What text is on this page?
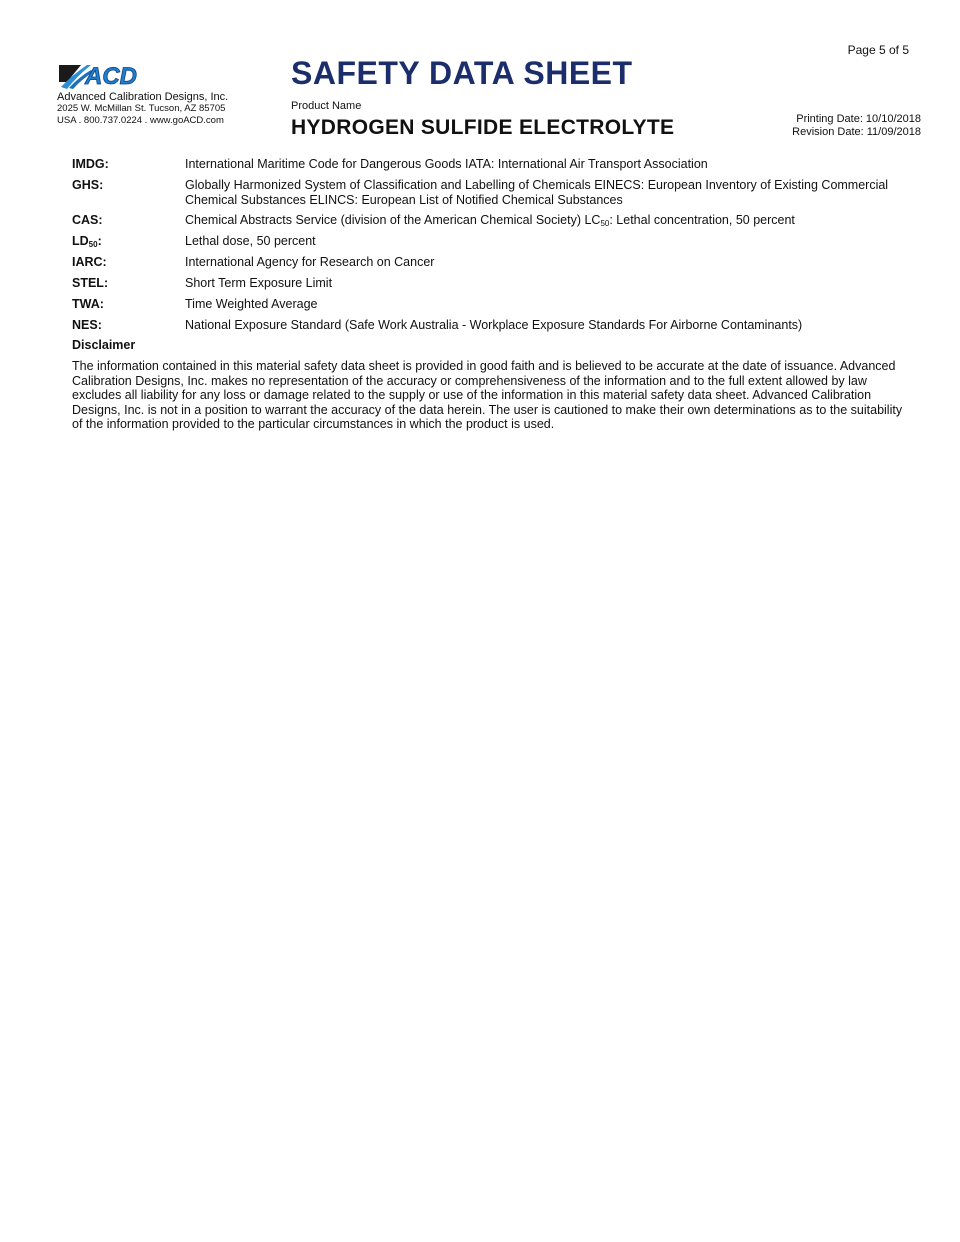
Page 5 of 5
ACD
Advanced Calibration Designs, Inc.
2025 W. McMillan St. Tucson, AZ 85705
USA . 800.737.0224 . www.goACD.com
SAFETY DATA SHEET
Product Name
HYDROGEN SULFIDE ELECTROLYTE	Printing Date: 10/10/2018
Revision Date: 11/09/2018
IMDG:	International Maritime Code for Dangerous Goods IATA: International Air Transport Association
GHS:	Globally Harmonized System of Classification and Labelling of Chemicals EINECS: European Inventory of Existing Commercial Chemical Substances ELINCS: European List of Notified Chemical Substances
CAS:	Chemical Abstracts Service (division of the American Chemical Society) $LC_{50}$: Lethal concentration, 50 percent
$LD_{50}$:	Lethal dose, 50 percent
IARC:	International Agency for Research on Cancer
STEL:	Short Term Exposure Limit
TWA:	Time Weighted Average
NES:	National Exposure Standard (Safe Work Australia - Workplace Exposure Standards For Airborne Contaminants)
Disclaimer
The information contained in this material safety data sheet is provided in good faith and is believed to be accurate at the date of issuance. Advanced Calibration Designs, Inc. makes no representation of the accuracy or comprehensiveness of the information and to the full extent allowed by law excludes all liability for any loss or damage related to the supply or use of the information in this material safety data sheet. Advanced Calibration Designs, Inc. is not in a position to warrant the accuracy of the data herein. The user is cautioned to make their own determinations as to the suitability of the information provided to the particular circumstances in which the product is used.
